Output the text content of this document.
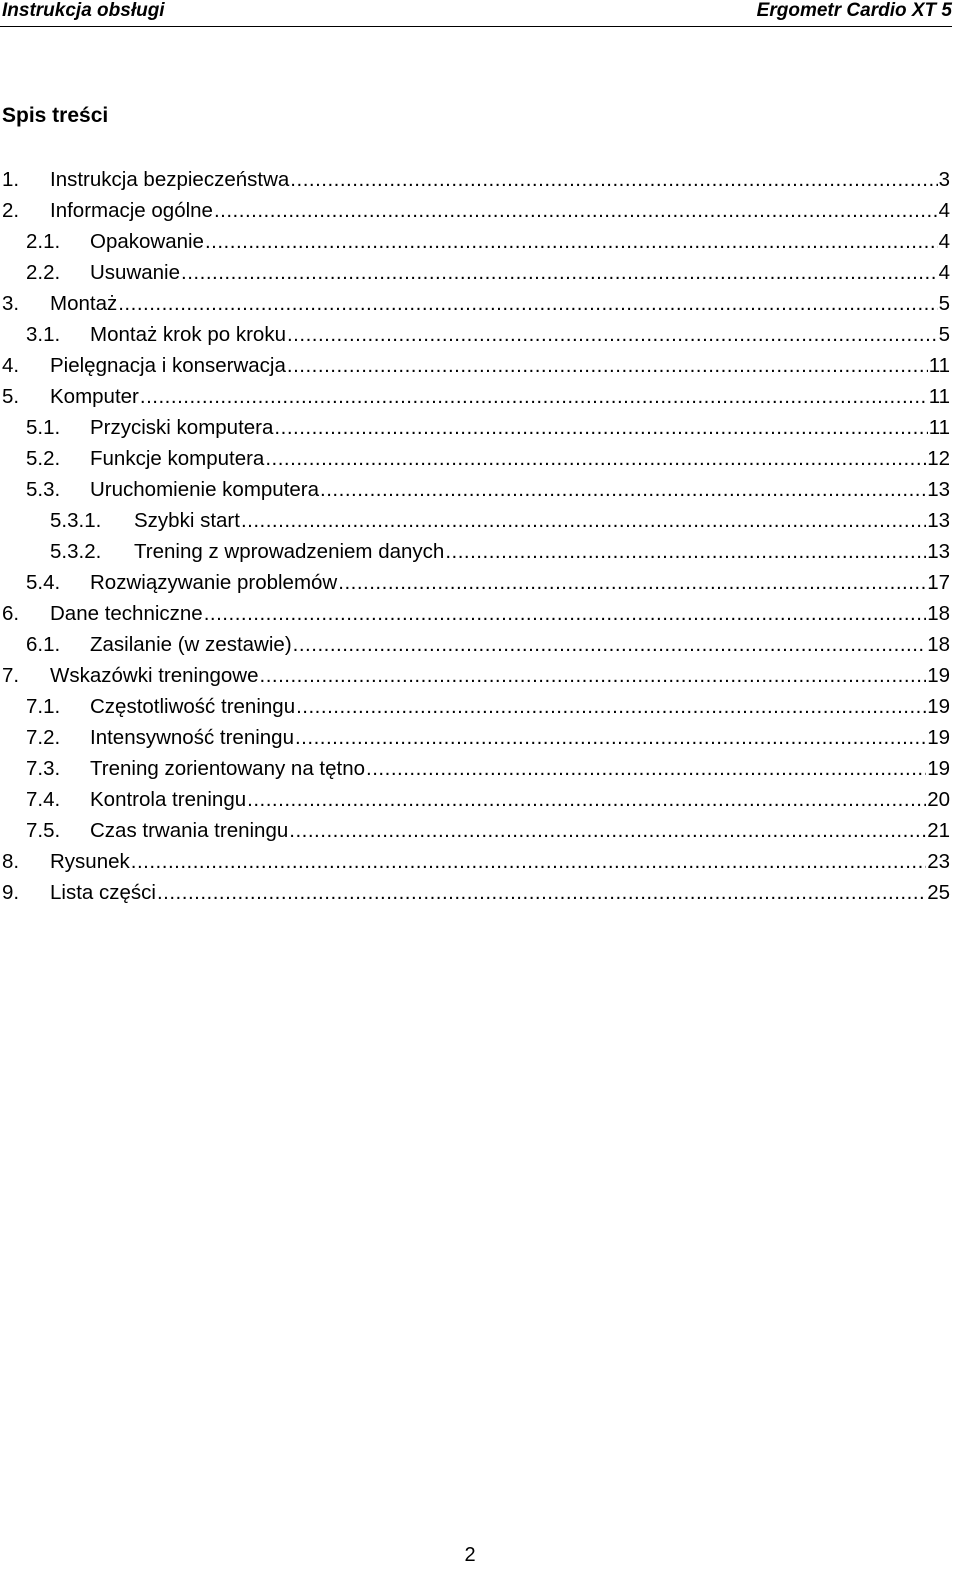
Instrukcja obsługi	Ergometr Cardio XT 5
Spis treści
1.	Instrukcja bezpieczeństwa .....	3
2.	Informacje ogólne .....	4
2.1.	Opakowanie .....	4
2.2.	Usuwanie .....	4
3.	Montaż .....	5
3.1.	Montaż krok po kroku .....	5
4.	Pielęgnacja i konserwacja .....	11
5.	Komputer .....	11
5.1.	Przyciski komputera .....	11
5.2.	Funkcje komputera .....	12
5.3.	Uruchomienie komputera .....	13
5.3.1.	Szybki start .....	13
5.3.2.	Trening z wprowadzeniem danych .....	13
5.4.	Rozwiązywanie problemów .....	17
6.	Dane techniczne .....	18
6.1.	Zasilanie (w zestawie) .....	18
7.	Wskazówki treningowe .....	19
7.1.	Częstotliwość treningu .....	19
7.2.	Intensywność treningu .....	19
7.3.	Trening zorientowany na tętno .....	19
7.4.	Kontrola treningu .....	20
7.5.	Czas trwania treningu .....	21
8.	Rysunek .....	23
9.	Lista części .....	25
2
